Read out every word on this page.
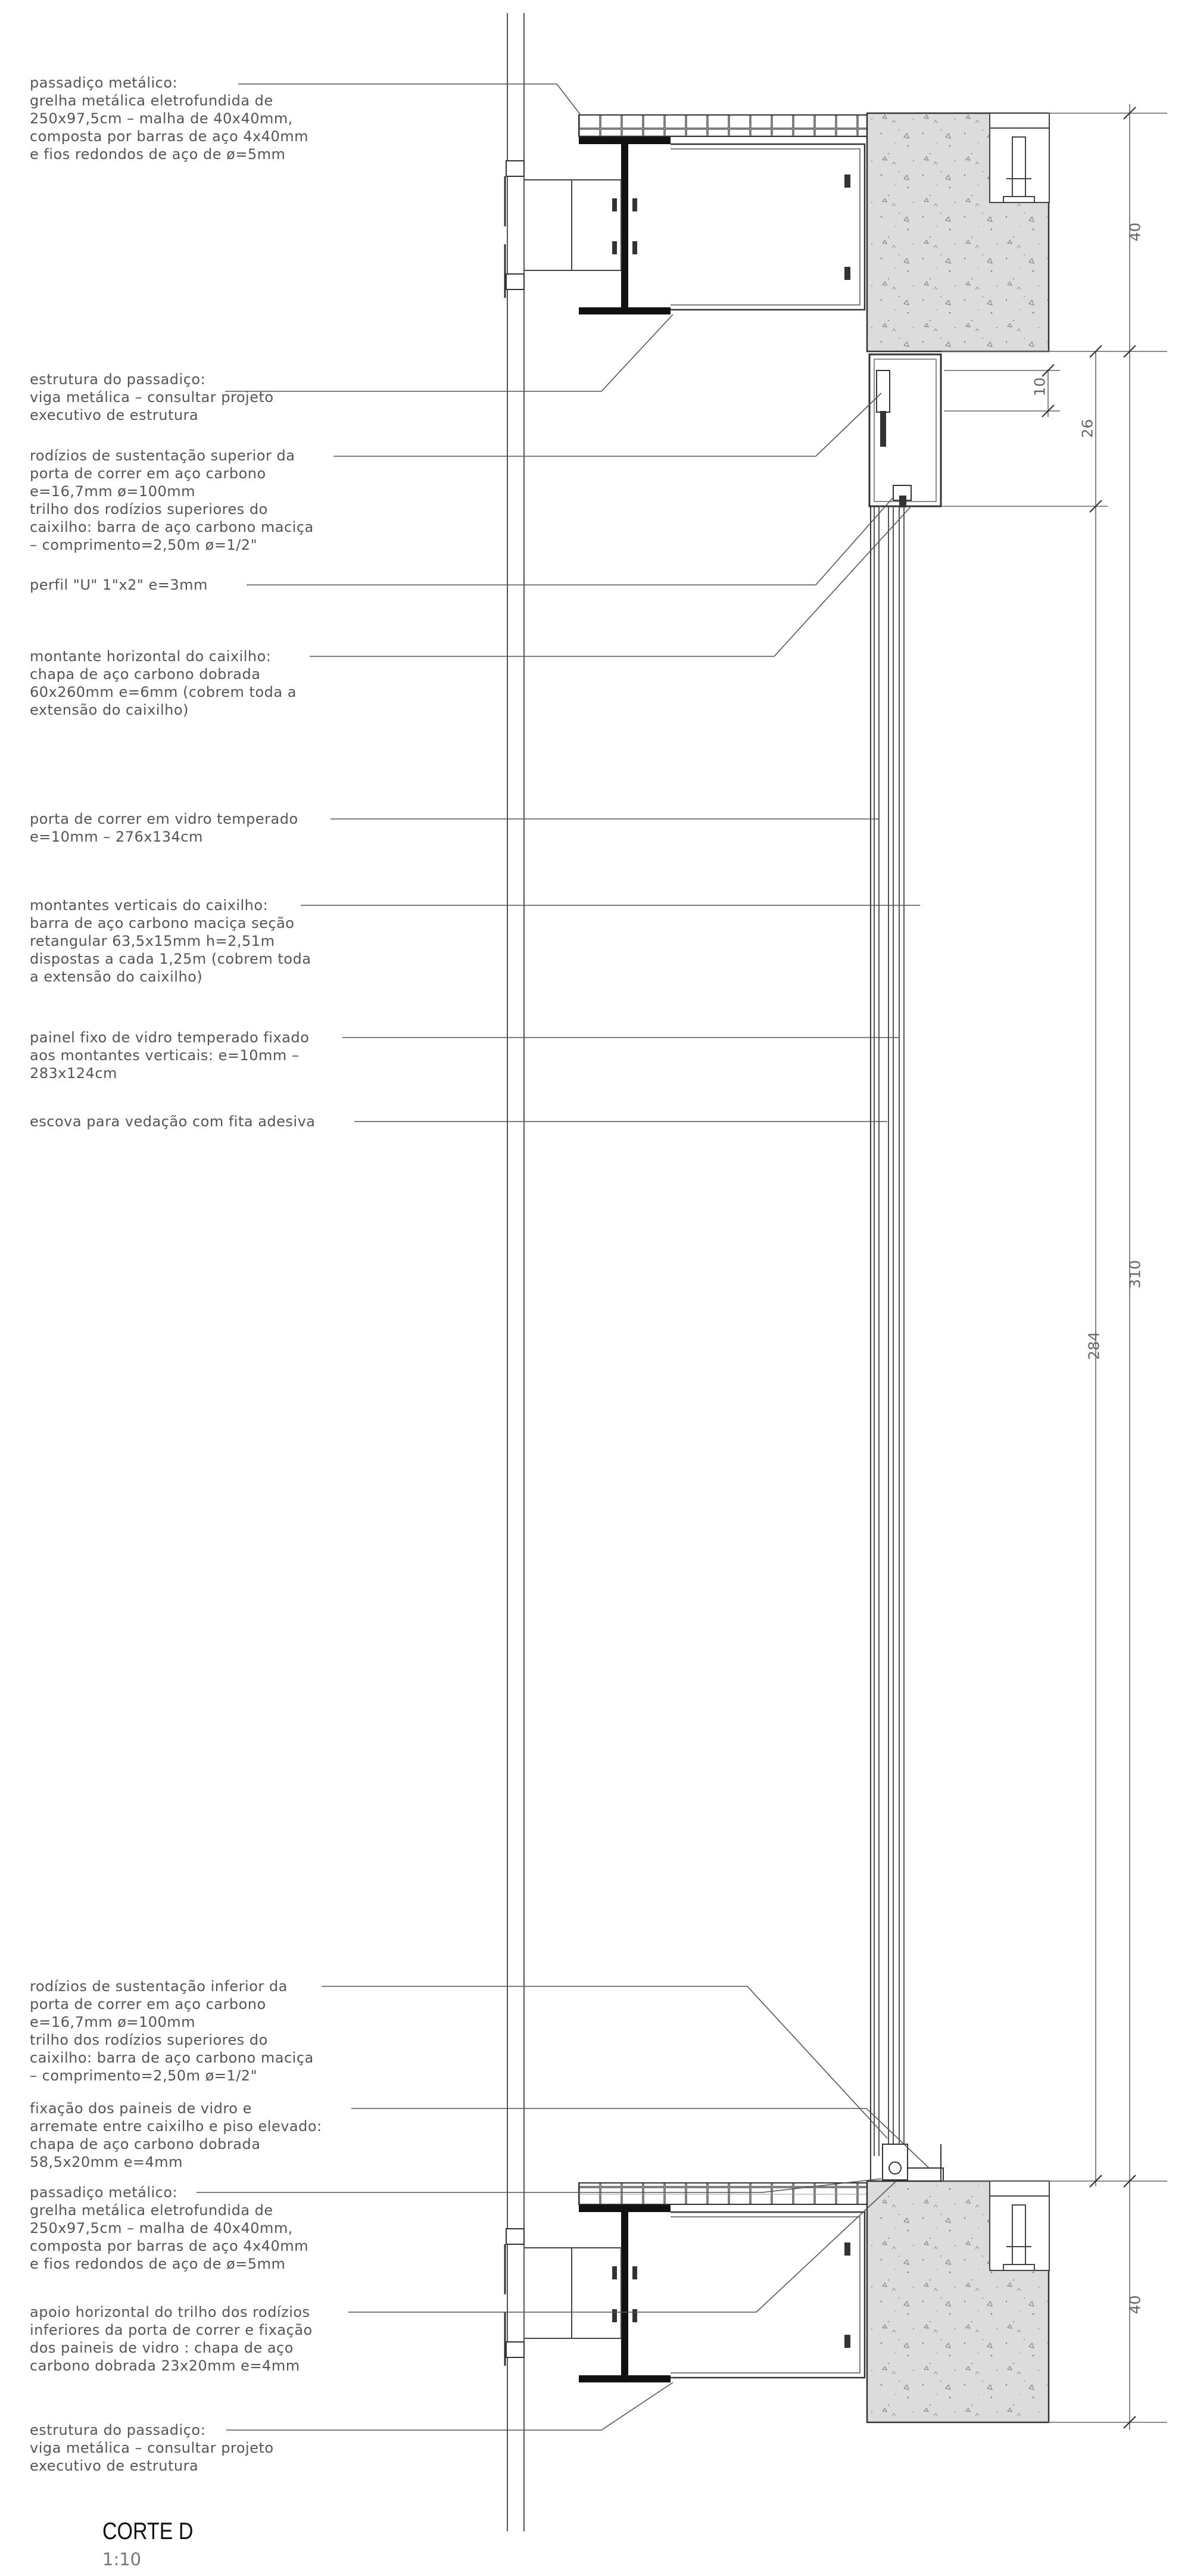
passadiço metálico:
grelha metálica eletrofundida de
250x97,5cm – malha de 40x40mm,
composta por barras de aço 4x40mm
e fios redondos de aço de ø=5mm
estrutura do passadiço:
viga metálica – consultar projeto
executivo de estrutura
rodízios de sustentação superior da
porta de correr em aço carbono
e=16,7mm ø=100mm
trilho dos rodízios superiores do
caixilho: barra de aço carbono maciça
– comprimento=2,50m ø=1/2"
perfil "U" 1"x2" e=3mm
montante horizontal do caixilho:
chapa de aço carbono dobrada
60x260mm e=6mm (cobrem toda a
extensão do caixilho)
porta de correr em vidro temperado
e=10mm – 276x134cm
montantes verticais do caixilho:
barra de aço carbono maciça seção
retangular 63,5x15mm h=2,51m
dispostas a cada 1,25m (cobrem toda
a extensão do caixilho)
painel fixo de vidro temperado fixado
aos montantes verticais: e=10mm –
283x124cm
escova para vedação com fita adesiva
rodízios de sustentação inferior da
porta de correr em aço carbono
e=16,7mm ø=100mm
trilho dos rodízios superiores do
caixilho: barra de aço carbono maciça
– comprimento=2,50m ø=1/2"
fixação dos paineis de vidro e
arremate entre caixilho e piso elevado:
chapa de aço carbono dobrada
58,5x20mm e=4mm
passadiço metálico:
grelha metálica eletrofundida de
250x97,5cm – malha de 40x40mm,
composta por barras de aço 4x40mm
e fios redondos de aço de ø=5mm
apoio horizontal do trilho dos rodízios
inferiores da porta de correr e fixação
dos paineis de vidro : chapa de aço
carbono dobrada 23x20mm e=4mm
estrutura do passadiço:
viga metálica – consultar projeto
executivo de estrutura
40
10
26
310
284
40
CORTE D
1:10
